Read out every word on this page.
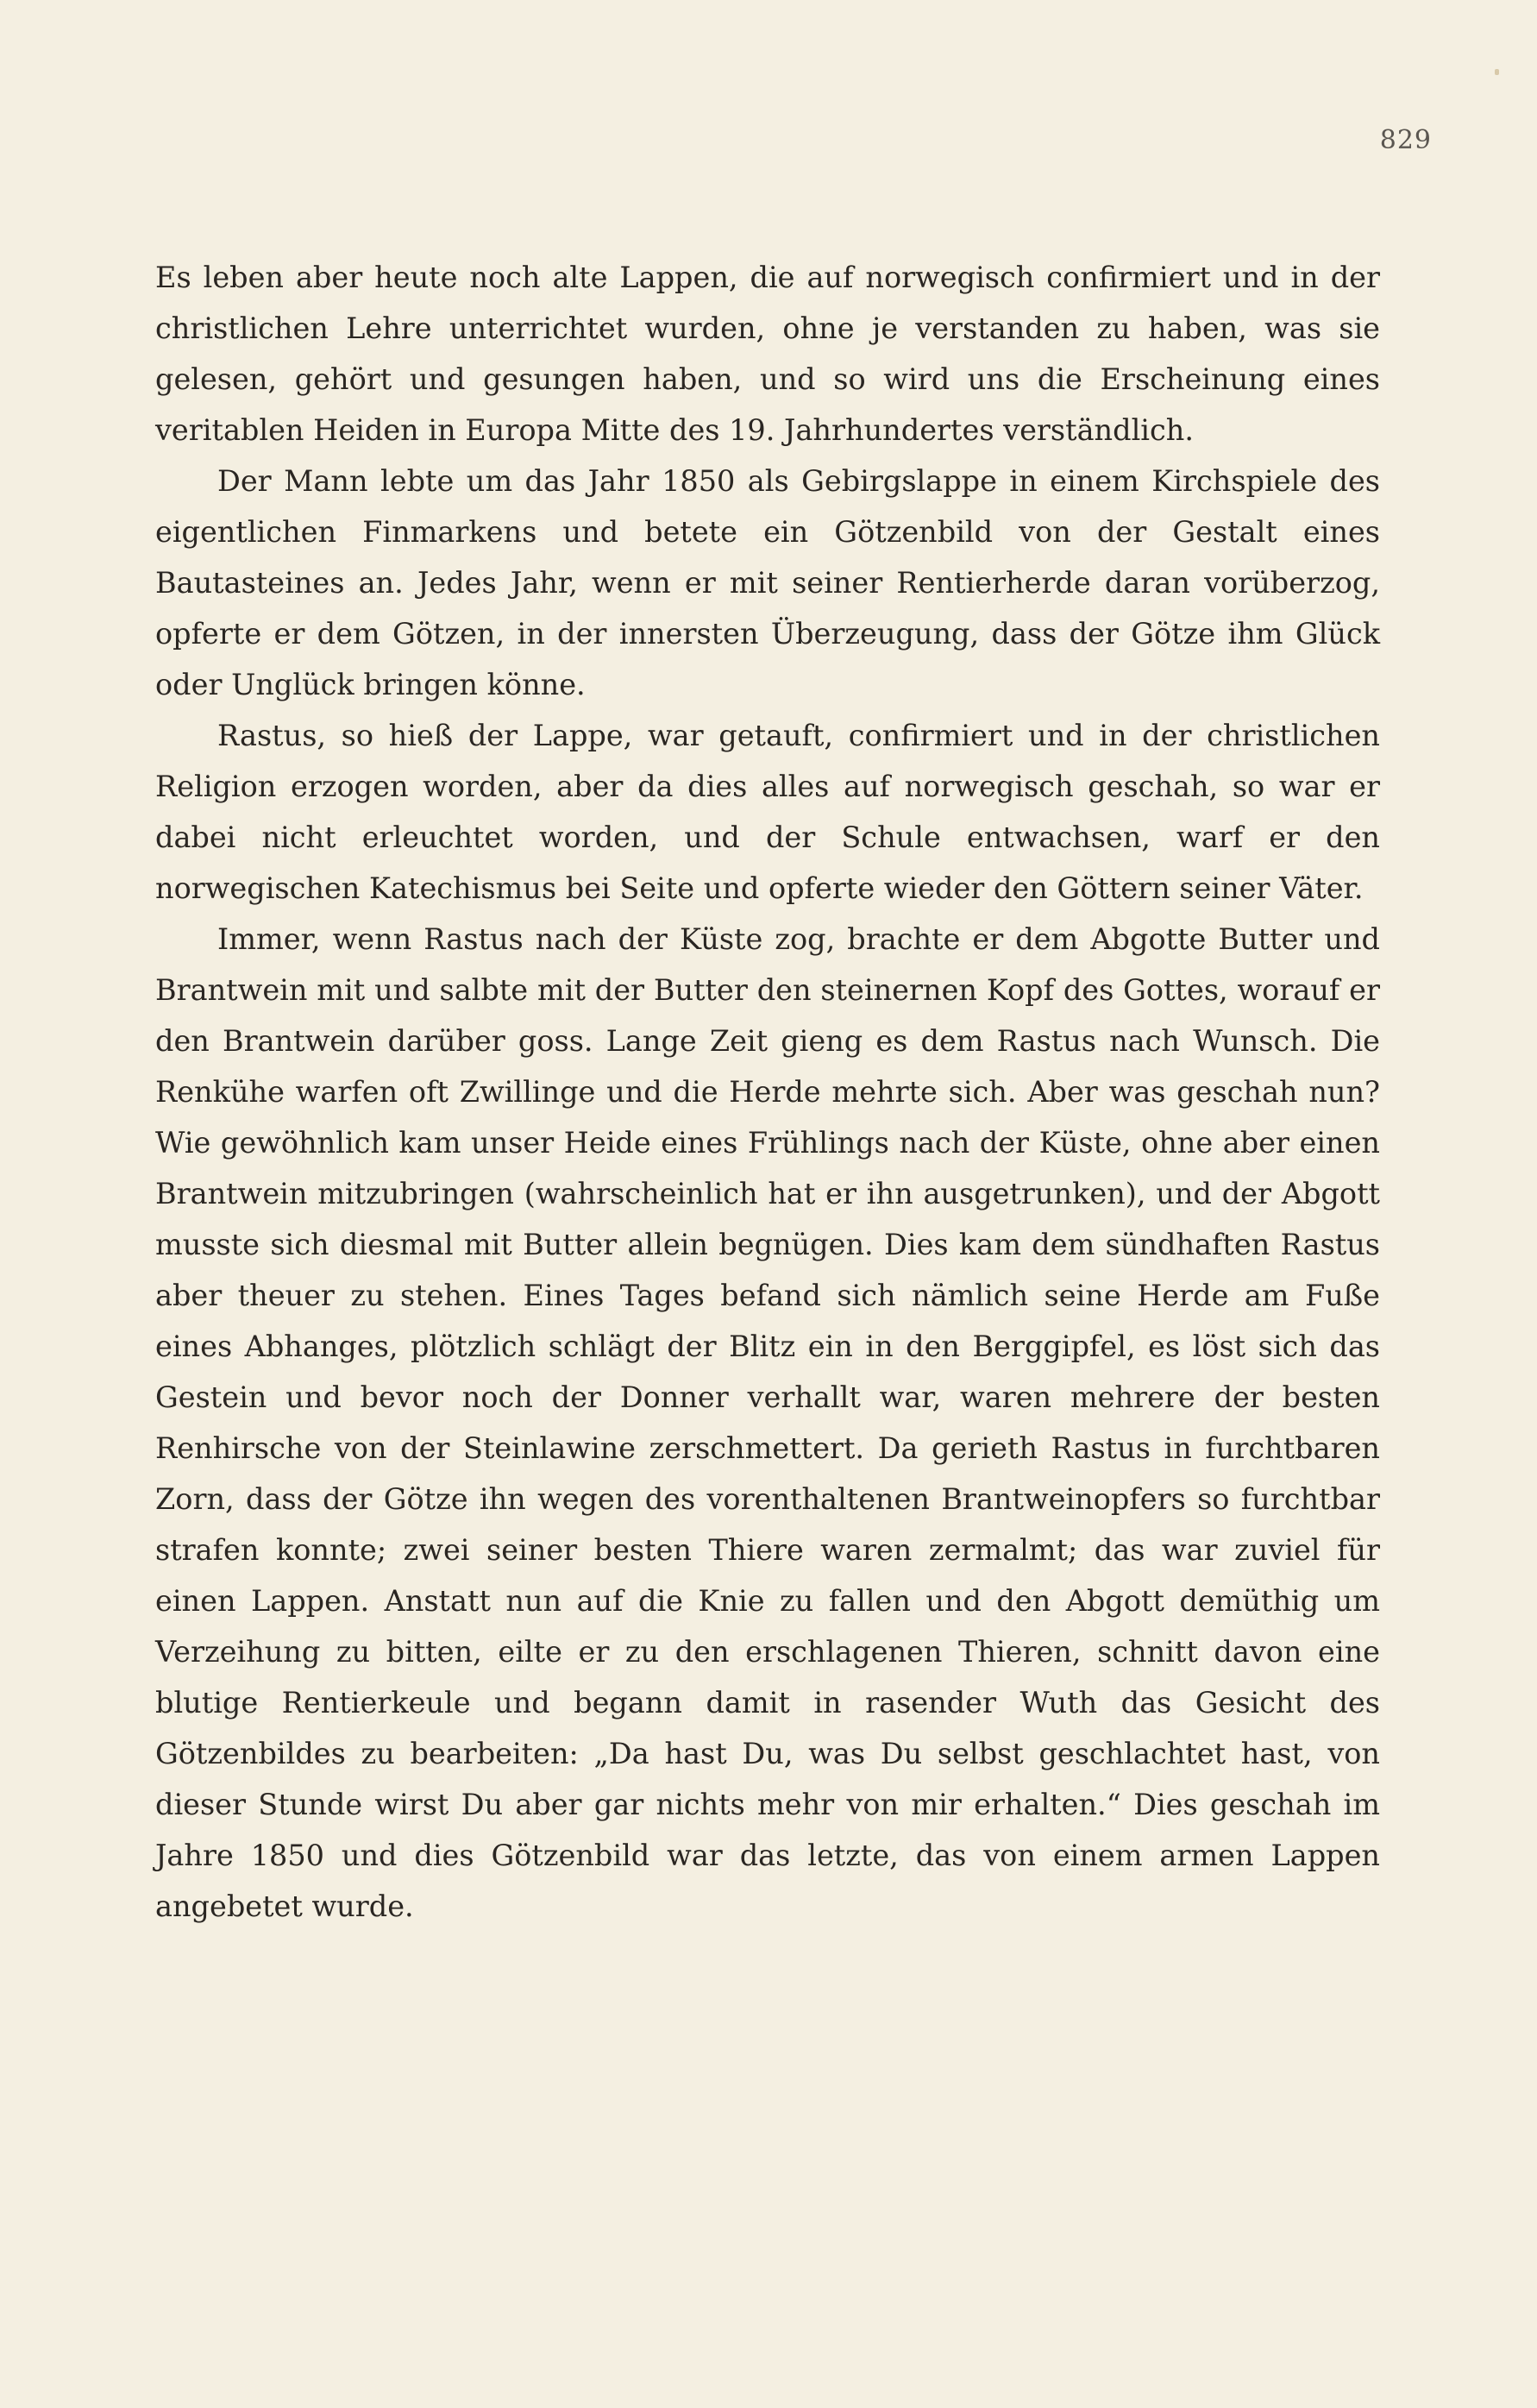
829

Es leben aber heute noch alte Lappen, die auf norwegisch confirmiert und in der christlichen Lehre unterrichtet wurden, ohne je verstanden zu haben, was sie gelesen, gehört und gesungen haben, und so wird uns die Erscheinung eines veritablen Heiden in Europa Mitte des 19. Jahrhundertes verständlich.

Der Mann lebte um das Jahr 1850 als Gebirgslappe in einem Kirchspiele des eigentlichen Finmarkens und betete ein Götzenbild von der Gestalt eines Bautasteines an. Jedes Jahr, wenn er mit seiner Rentierherde daran vorüberzog, opferte er dem Götzen, in der innersten Überzeugung, dass der Götze ihm Glück oder Unglück bringen könne.

Rastus, so hieß der Lappe, war getauft, confirmiert und in der christlichen Religion erzogen worden, aber da dies alles auf norwegisch geschah, so war er dabei nicht erleuchtet worden, und der Schule entwachsen, warf er den norwegischen Katechismus bei Seite und opferte wieder den Göttern seiner Väter.

Immer, wenn Rastus nach der Küste zog, brachte er dem Abgotte Butter und Brantwein mit und salbte mit der Butter den steinernen Kopf des Gottes, worauf er den Brantwein darüber goss. Lange Zeit gieng es dem Rastus nach Wunsch. Die Renkühe warfen oft Zwillinge und die Herde mehrte sich. Aber was geschah nun? Wie gewöhnlich kam unser Heide eines Frühlings nach der Küste, ohne aber einen Brantwein mitzubringen (wahrscheinlich hat er ihn ausgetrunken), und der Abgott musste sich diesmal mit Butter allein begnügen. Dies kam dem sündhaften Rastus aber theuer zu stehen. Eines Tages befand sich nämlich seine Herde am Fuße eines Abhanges, plötzlich schlägt der Blitz ein in den Berggipfel, es löst sich das Gestein und bevor noch der Donner verhallt war, waren mehrere der besten Renhirsche von der Steinlawine zerschmettert. Da gerieth Rastus in furchtbaren Zorn, dass der Götze ihn wegen des vorenthaltenen Brantweinopfers so furchtbar strafen konnte; zwei seiner besten Thiere waren zermalmt; das war zuviel für einen Lappen. Anstatt nun auf die Knie zu fallen und den Abgott demüthig um Verzeihung zu bitten, eilte er zu den erschlagenen Thieren, schnitt davon eine blutige Rentierkeule und begann damit in rasender Wuth das Gesicht des Götzenbildes zu bearbeiten: „Da hast Du, was Du selbst geschlachtet hast, von dieser Stunde wirst Du aber gar nichts mehr von mir erhalten.“ Dies geschah im Jahre 1850 und dies Götzenbild war das letzte, das von einem armen Lappen angebetet wurde.
